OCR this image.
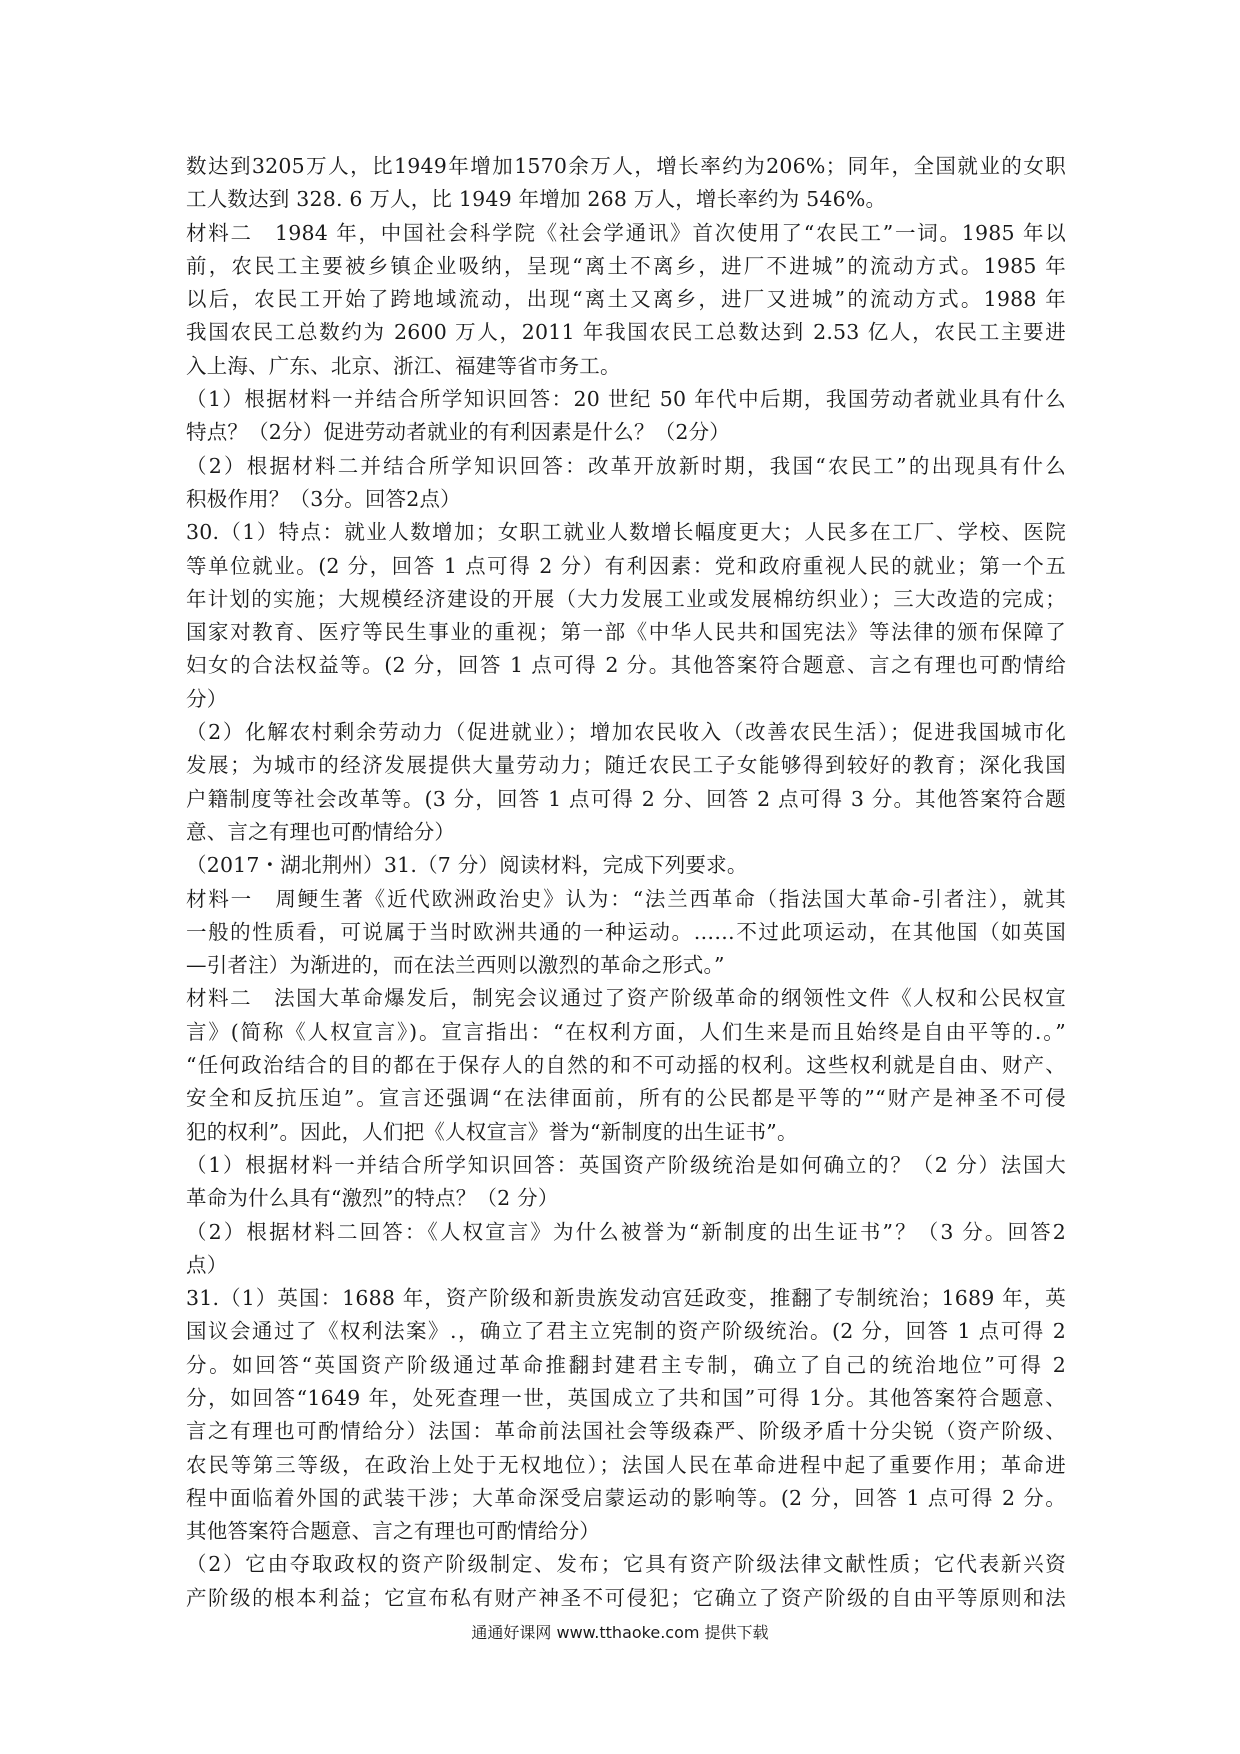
数达到3205万人，比1949年增加1570余万人，增长率约为206%；同年，全国就业的女职
工人数达到 328. 6 万人，比 1949 年增加 268 万人，增长率约为 546%。
材料二　1984 年，中国社会科学院《社会学通讯》首次使用了“农民工”一词。1985 年以
前，农民工主要被乡镇企业吸纳，呈现“离土不离乡，进厂不进城”的流动方式。1985 年
以后，农民工开始了跨地域流动，出现“离土又离乡，进厂又进城”的流动方式。1988 年
我国农民工总数约为 2600 万人，2011 年我国农民工总数达到 2.53 亿人，农民工主要进
入上海、广东、北京、浙江、福建等省市务工。
（1）根据材料一并结合所学知识回答：20 世纪 50 年代中后期，我国劳动者就业具有什么
特点？（2分）促进劳动者就业的有利因素是什么？（2分）
（2）根据材料二并结合所学知识回答：改革开放新时期，我国“农民工”的出现具有什么
积极作用？（3分。回答2点）
30.（1）特点：就业人数增加；女职工就业人数增长幅度更大；人民多在工厂、学校、医院
等单位就业。(2 分，回答 1 点可得 2 分）有利因素：党和政府重视人民的就业；第一个五
年计划的实施；大规模经济建设的开展（大力发展工业或发展棉纺织业）；三大改造的完成；
国家对教育、医疗等民生事业的重视；第一部《中华人民共和国宪法》等法律的颁布保障了
妇女的合法权益等。(2 分，回答 1 点可得 2 分。其他答案符合题意、言之有理也可酌情给
分）
（2）化解农村剩余劳动力（促进就业）；增加农民收入（改善农民生活）；促进我国城市化
发展；为城市的经济发展提供大量劳动力；随迁农民工子女能够得到较好的教育；深化我国
户籍制度等社会改革等。(3 分，回答 1 点可得 2 分、回答 2 点可得 3 分。其他答案符合题
意、言之有理也可酌情给分）
（2017・湖北荆州）31.（7 分）阅读材料，完成下列要求。
材料一　周鲠生著《近代欧洲政治史》认为：“法兰西革命（指法国大革命-引者注），就其
一般的性质看，可说属于当时欧洲共通的一种运动。……不过此项运动，在其他国（如英国
—引者注）为渐进的，而在法兰西则以激烈的革命之形式。”
材料二　法国大革命爆发后，制宪会议通过了资产阶级革命的纲领性文件《人权和公民权宣
言》(简称《人权宣言》)。宣言指出：“在权利方面，人们生来是而且始终是自由平等的.。”
“任何政治结合的目的都在于保存人的自然的和不可动摇的权利。这些权利就是自由、财产、
安全和反抗压迫”。宣言还强调“在法律面前，所有的公民都是平等的”“财产是神圣不可侵
犯的权利”。因此，人们把《人权宣言》誉为“新制度的出生证书”。
（1）根据材料一并结合所学知识回答：英国资产阶级统治是如何确立的？（2 分）法国大
革命为什么具有“激烈”的特点？（2 分）
（2）根据材料二回答：《人权宣言》为什么被誉为“新制度的出生证书”？（3 分。回答2
点）
31.（1）英国：1688 年，资产阶级和新贵族发动宫廷政变，推翻了专制统治；1689 年，英
国议会通过了《权利法案》.，确立了君主立宪制的资产阶级统治。(2 分，回答 1 点可得 2
分。如回答“英国资产阶级通过革命推翻封建君主专制，确立了自己的统治地位”可得 2
分，如回答“1649 年，处死查理一世，英国成立了共和国”可得 1分。其他答案符合题意、
言之有理也可酌情给分）法国：革命前法国社会等级森严、阶级矛盾十分尖锐（资产阶级、
农民等第三等级，在政治上处于无权地位）；法国人民在革命进程中起了重要作用；革命进
程中面临着外国的武装干涉；大革命深受启蒙运动的影响等。(2 分，回答 1 点可得 2 分。
其他答案符合题意、言之有理也可酌情给分）
（2）它由夺取政权的资产阶级制定、发布；它具有资产阶级法律文献性质；它代表新兴资
产阶级的根本利益；它宣布私有财产神圣不可侵犯；它确立了资产阶级的自由平等原则和法
通通好课网 www.tthaoke.com 提供下载
